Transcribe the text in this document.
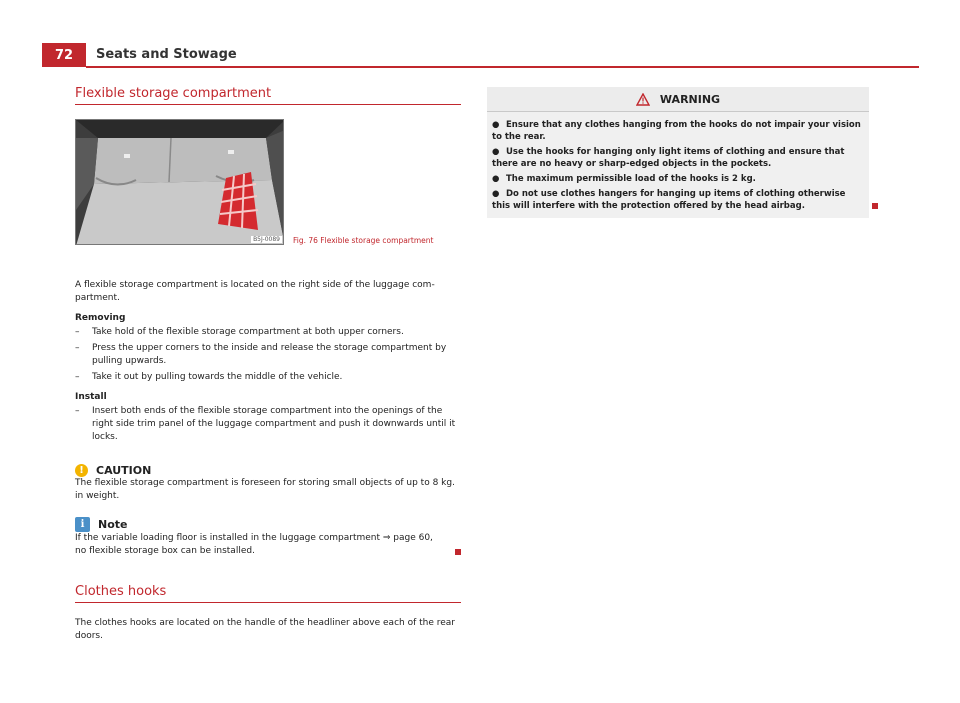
72	Seats and Stowage
Flexible storage compartment
B5J-0089 Fig. 76 Flexible storage compartment

A flexible storage compartment is located on the right side of the luggage com-partment.

Removing

– Take hold of the flexible storage compartment at both upper corners.
– Press the upper corners to the inside and release the storage compartment by pulling upwards.
– Take it out by pulling towards the middle of the vehicle.

Install

– Insert both ends of the flexible storage compartment into the openings of the right side trim panel of the luggage compartment and push it downwards until it locks.
!	CAUTION

The flexible storage compartment is foreseen for storing small objects of up to 8 kg. in weight.

i	Note

If the variable loading floor is installed in the luggage compartment ⇒ page 60, no flexible storage box can be installed.

Clothes hooks

The clothes hooks are located on the handle of the headliner above each of the rear doors.

WARNING

● Ensure that any clothes hanging from the hooks do not impair your vision to the rear.

● Use the hooks for hanging only light items of clothing and ensure that there are no heavy or sharp-edged objects in the pockets.

● The maximum permissible load of the hooks is 2 kg.

● Do not use clothes hangers for hanging up items of clothing otherwise this will interfere with the protection offered by the head airbag.
